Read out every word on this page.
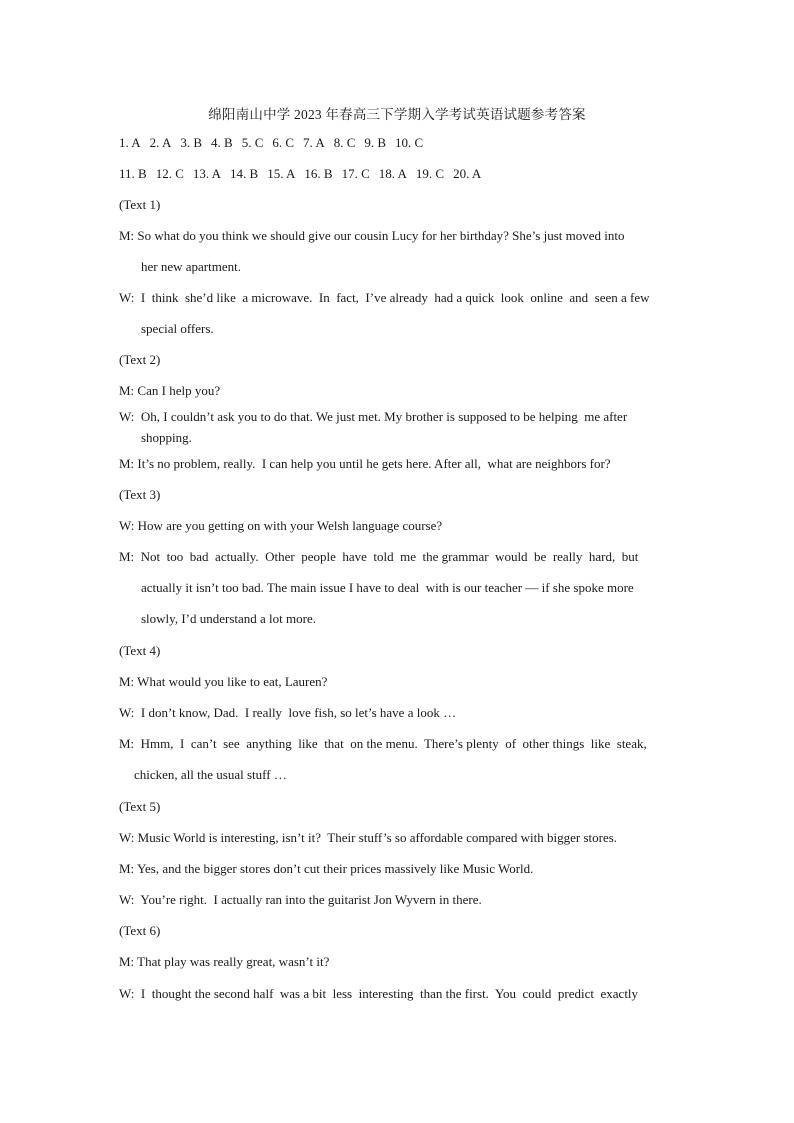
绵阳南山中学 2023 年春高三下学期入学考试英语试题参考答案
1. A 2. A 3. B 4. B 5. C 6. C 7. A 8. C 9. B 10. C
11. B 12. C 13. A 14. B 15. A 16. B 17. C 18. A 19. C 20. A
(Text 1)
M: So what do you think we should give our cousin Lucy for her birthday? She’s just moved into
her new apartment.
W:  I  think  she’d like  a microwave.  In  fact,  I’ve already  had a quick  look  online  and  seen a few
special offers.
(Text 2)
M: Can I help you?
W:  Oh, I couldn’t ask you to do that. We just met. My brother is supposed to be helping  me after
shopping.
M: It’s no problem, really.  I can help you until he gets here. After all,  what are neighbors for?
(Text 3)
W: How are you getting on with your Welsh language course?
M:  Not  too  bad  actually.  Other  people  have  told  me  the grammar  would  be  really  hard,  but
actually it isn’t too bad. The main issue I have to deal  with is our teacher — if she spoke more
slowly, I’d understand a lot more.
(Text 4)
M: What would you like to eat, Lauren?
W:  I don’t know, Dad.  I really  love fish, so let’s have a look …
M:  Hmm,  I  can’t  see  anything  like  that  on the menu.  There’s plenty  of  other things  like  steak,
chicken, all the usual stuff …
(Text 5)
W: Music World is interesting, isn’t it?  Their stuff’s so affordable compared with bigger stores.
M: Yes, and the bigger stores don’t cut their prices massively like Music World.
W:  You’re right.  I actually ran into the guitarist Jon Wyvern in there.
(Text 6)
M: That play was really great, wasn’t it?
W:  I  thought the second half  was a bit  less  interesting  than the first.  You  could  predict  exactly
